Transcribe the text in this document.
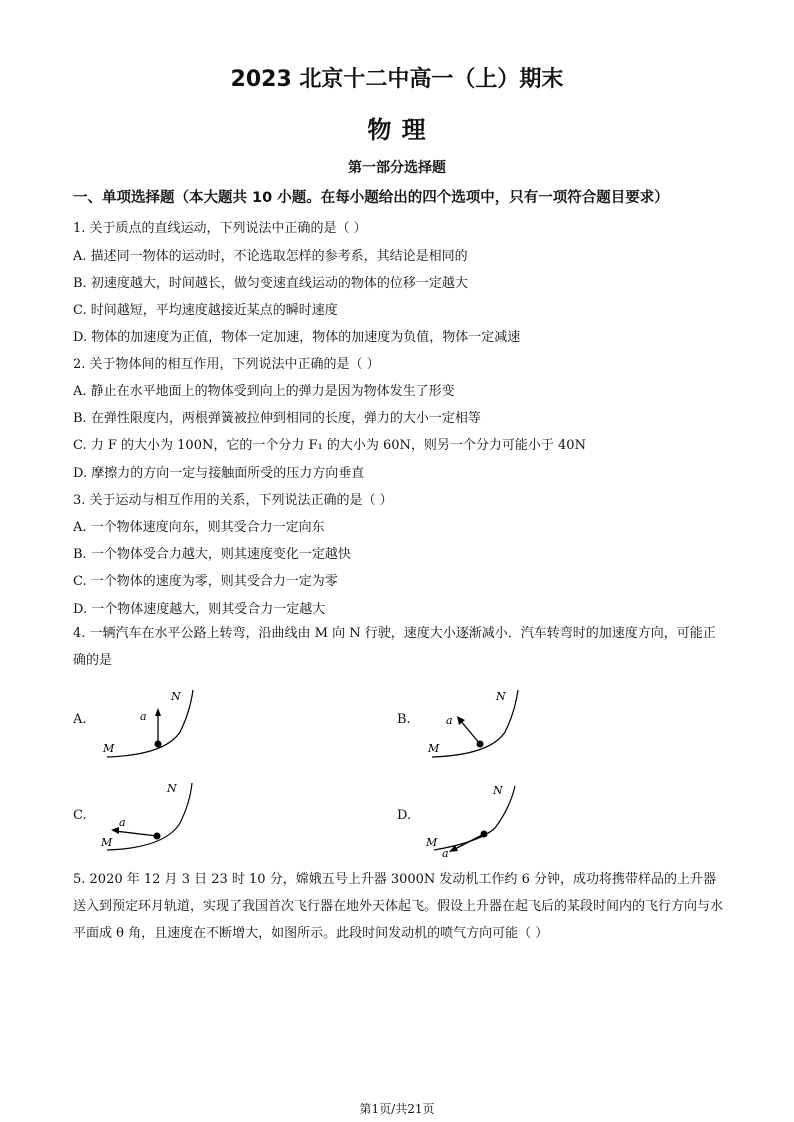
2023 北京十二中高一（上）期末
物 理
第一部分选择题
一、单项选择题（本大题共 10 小题。在每小题给出的四个选项中，只有一项符合题目要求）
1. 关于质点的直线运动，下列说法中正确的是（ ）
A. 描述同一物体的运动时，不论选取怎样的参考系，其结论是相同的
B. 初速度越大，时间越长，做匀变速直线运动的物体的位移一定越大
C. 时间越短，平均速度越接近某点的瞬时速度
D. 物体的加速度为正值，物体一定加速，物体的加速度为负值，物体一定减速
2. 关于物体间的相互作用，下列说法中正确的是（ ）
A. 静止在水平地面上的物体受到向上的弹力是因为物体发生了形变
B. 在弹性限度内，两根弹簧被拉伸到相同的长度，弹力的大小一定相等
C. 力 F 的大小为 100N，它的一个分力 F₁ 的大小为 60N，则另一个分力可能小于 40N
D. 摩擦力的方向一定与接触面所受的压力方向垂直
3. 关于运动与相互作用的关系，下列说法正确的是（ ）
A. 一个物体速度向东，则其受合力一定向东
B. 一个物体受合力越大，则其速度变化一定越快
C. 一个物体的速度为零，则其受合力一定为零
D. 一个物体速度越大，则其受合力一定越大
4. 一辆汽车在水平公路上转弯，沿曲线由 M 向 N 行驶，速度大小逐渐减小．汽车转弯时的加速度方向，可能正确的是
A.	a
M
N
B.	a
M
N
C.	a
M
N
D.
a
M
N
5. 2020 年 12 月 3 日 23 时 10 分，嫦娥五号上升器 3000N 发动机工作约 6 分钟，成功将携带样品的上升器送入到预定环月轨道，实现了我国首次飞行器在地外天体起飞。假设上升器在起飞后的某段时间内的飞行方向与水平面成 θ 角，且速度在不断增大，如图所示。此段时间发动机的喷气方向可能（ ）
第1页/共21页
